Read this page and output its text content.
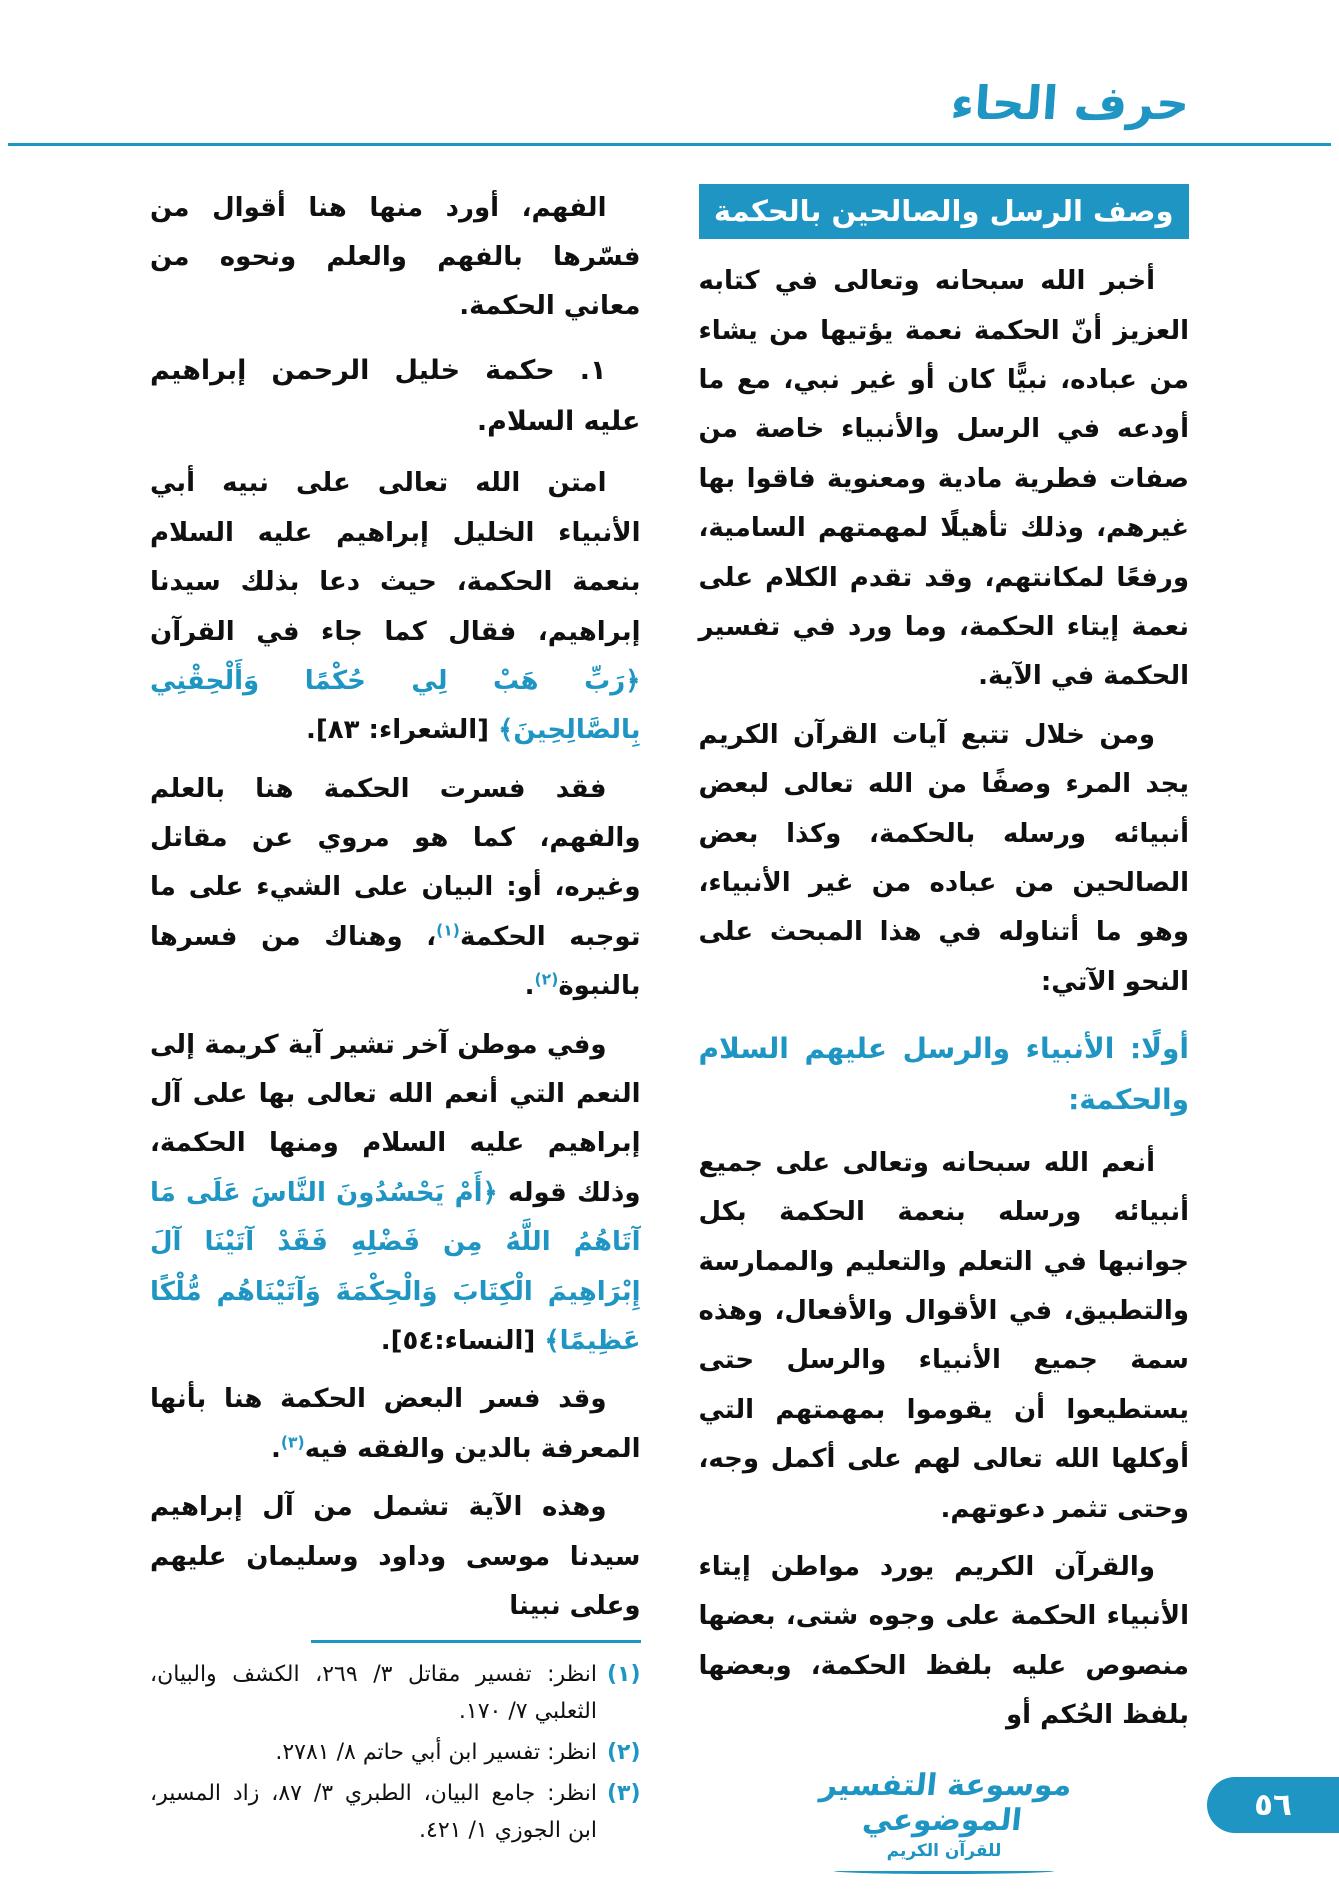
حرف الحاء
وصف الرسل والصالحين بالحكمة

أخبر الله سبحانه وتعالى في كتابه العزيز أنّ الحكمة نعمة يؤتيها من يشاء من عباده، نبيًّا كان أو غير نبي، مع ما أودعه في الرسل والأنبياء خاصة من صفات فطرية مادية ومعنوية فاقوا بها غيرهم، وذلك تأهيلًا لمهمتهم السامية، ورفعًا لمكانتهم، وقد تقدم الكلام على نعمة إيتاء الحكمة، وما ورد في تفسير الحكمة في الآية.

ومن خلال تتبع آيات القرآن الكريم يجد المرء وصفًا من الله تعالى لبعض أنبيائه ورسله بالحكمة، وكذا بعض الصالحين من عباده من غير الأنبياء، وهو ما أتناوله في هذا المبحث على النحو الآتي:

أولًا: الأنبياء والرسل عليهم السلام والحكمة:

أنعم الله سبحانه وتعالى على جميع أنبيائه ورسله بنعمة الحكمة بكل جوانبها في التعلم والتعليم والممارسة والتطبيق، في الأقوال والأفعال، وهذه سمة جميع الأنبياء والرسل حتى يستطيعوا أن يقوموا بمهمتهم التي أوكلها الله تعالى لهم على أكمل وجه، وحتى تثمر دعوتهم.

والقرآن الكريم يورد مواطن إيتاء الأنبياء الحكمة على وجوه شتى، بعضها منصوص عليه بلفظ الحكمة، وبعضها بلفظ الحُكم أو

الفهم، أورد منها هنا أقوال من فسّرها بالفهم والعلم ونحوه من معاني الحكمة.

١. حكمة خليل الرحمن إبراهيم عليه السلام.

امتن الله تعالى على نبيه أبي الأنبياء الخليل إبراهيم عليه السلام بنعمة الحكمة، حيث دعا بذلك سيدنا إبراهيم، فقال كما جاء في القرآن ﴿رَبِّ هَبْ لِي حُكْمًا وَأَلْحِقْنِي بِالصَّالِحِينَ﴾ [الشعراء: ٨٣].

فقد فسرت الحكمة هنا بالعلم والفهم، كما هو مروي عن مقاتل وغيره، أو: البيان على الشيء على ما توجبه الحكمة$^{(١)}$، وهناك من فسرها بالنبوة$^{(٢)}$.

وفي موطن آخر تشير آية كريمة إلى النعم التي أنعم الله تعالى بها على آل إبراهيم عليه السلام ومنها الحكمة، وذلك قوله ﴿أَمْ يَحْسُدُونَ النَّاسَ عَلَى مَا آتَاهُمُ اللَّهُ مِن فَضْلِهِ فَقَدْ آتَيْنَا آلَ إِبْرَاهِيمَ الْكِتَابَ وَالْحِكْمَةَ وَآتَيْنَاهُم مُّلْكًا عَظِيمًا﴾ [النساء:٥٤].

وقد فسر البعض الحكمة هنا بأنها المعرفة بالدين والفقه فيه$^{(٣)}$.

وهذه الآية تشمل من آل إبراهيم سيدنا موسى وداود وسليمان عليهم وعلى نبينا

(١)
انظر: تفسير مقاتل ٣/ ٢٦٩، الكشف والبيان، الثعلبي ٧/ ١٧٠.
(٢)
انظر: تفسير ابن أبي حاتم ٨/ ٢٧٨١.
(٣)
انظر: جامع البيان، الطبري ٣/ ٨٧، زاد المسير، ابن الجوزي ١/ ٤٢١.
موسوعة التفسير الموضوعي
للقرآن الكريم
٥٦
